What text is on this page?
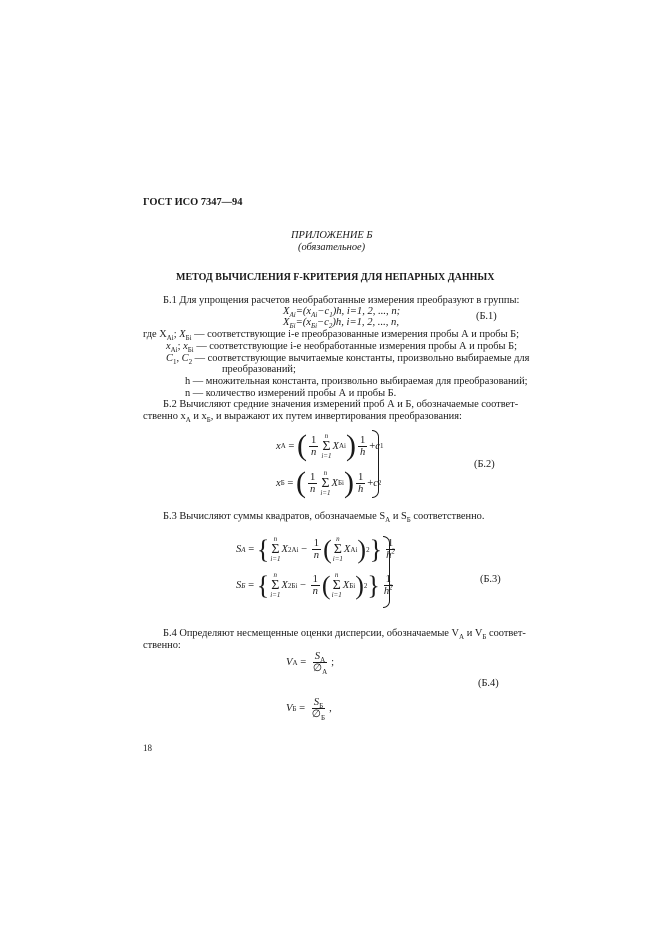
ГОСТ ИСО 7347—94
ПРИЛОЖЕНИЕ Б
(обязательное)
МЕТОД ВЫЧИСЛЕНИЯ F-КРИТЕРИЯ ДЛЯ НЕПАРНЫХ ДАННЫХ
Б.1 Для упрощения расчетов необработанные измерения преобразуют в группы:
$X_{Аi}=(x_{Аi}-c_1)h$, i=1, 2, ..., n;
$X_{Бi}=(x_{Бi}-c_2)h$, i=1, 2, ..., n,
(Б.1)
где $X_{Аi}$; $X_{Бi}$ — соответствующие i-е преобразованные измерения пробы А и пробы Б;
$x_{Аi}$; $x_{Бi}$ — соответствующие i-е необработанные измерения пробы А и пробы Б;
$C_1$, $C_2$ — соответствующие вычитаемые константы, произвольно выбираемые для
преобразований;
h — множительная константа, произвольно выбираемая для преобразований;
n — количество измерений пробы А и пробы Б.
Б.2 Вычисляют средние значения измерений проб А и Б, обозначаемые соответ-
ственно $x_А$ и $x_Б$, и выражают их путем инвертирования преобразования:
x А = ( $\frac{1}{n}$ n
Σ
i=1
X Аi ) $\frac{1}{h} + c$ 1
x Б = ( $\frac{1}{n}$ n
Σ
i=1
X Бi ) $\frac{1}{h} + c$ 2
(Б.2)
Б.3 Вычисляют суммы квадратов, обозначаемые $S_А$ и $S_Б$ соответственно.
S A = { n
Σ
i=1
X 2 Аi − $\frac{1}{n}$ ( n
Σ
i=1
X Аi ) 2 } $\frac{1}{h^2}$
S Б = { n
Σ
i=1
X 2 Бi − $\frac{1}{n}$ ( n
Σ
i=1
X Бi ) 2 } $\frac{1}{h^2}$	(Б.3)
Б.4 Определяют несмещенные оценки дисперсии, обозначаемые $V_А$ и $V_Б$ соответ-
ственно:
V $А = \frac{S_А}{\emptyset_А}$ ;
V $Б = \frac{S_Б}{\emptyset_Б}$ ,
(Б.4)
18
